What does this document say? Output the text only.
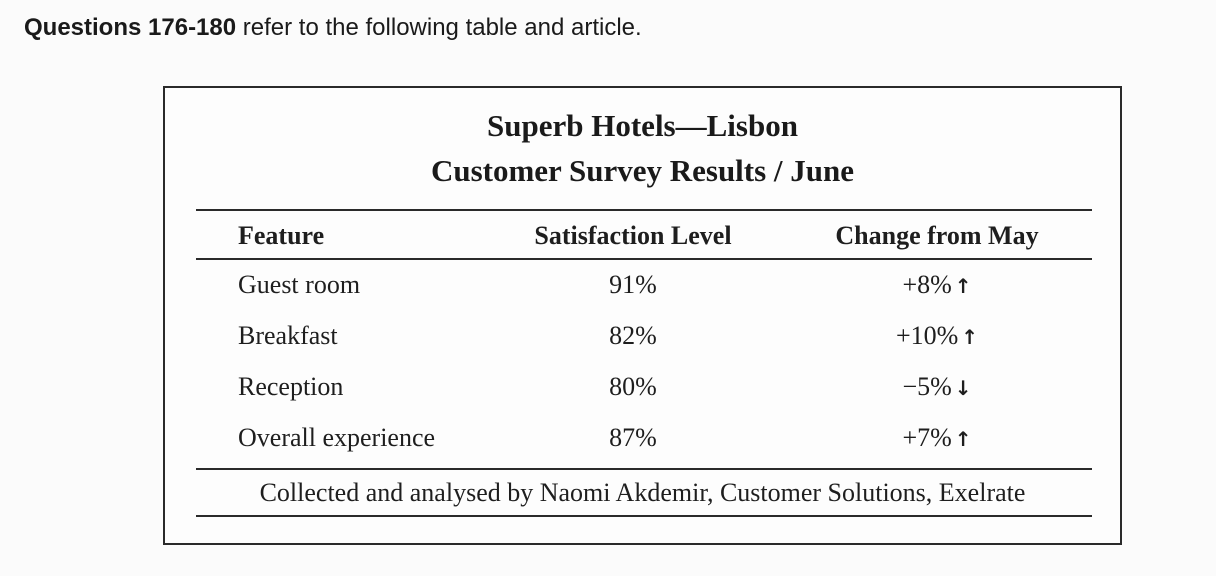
Questions 176-180 refer to the following table and article.
Superb Hotels—Lisbon
Customer Survey Results / June
Feature	Satisfaction Level	Change from May
Guest room	91%	+8% ↑
Breakfast	82%	+10% ↑
Reception	80%	−5% ↓
Overall experience	87%	+7% ↑
Collected and analysed by Naomi Akdemir, Customer Solutions, Exelrate
